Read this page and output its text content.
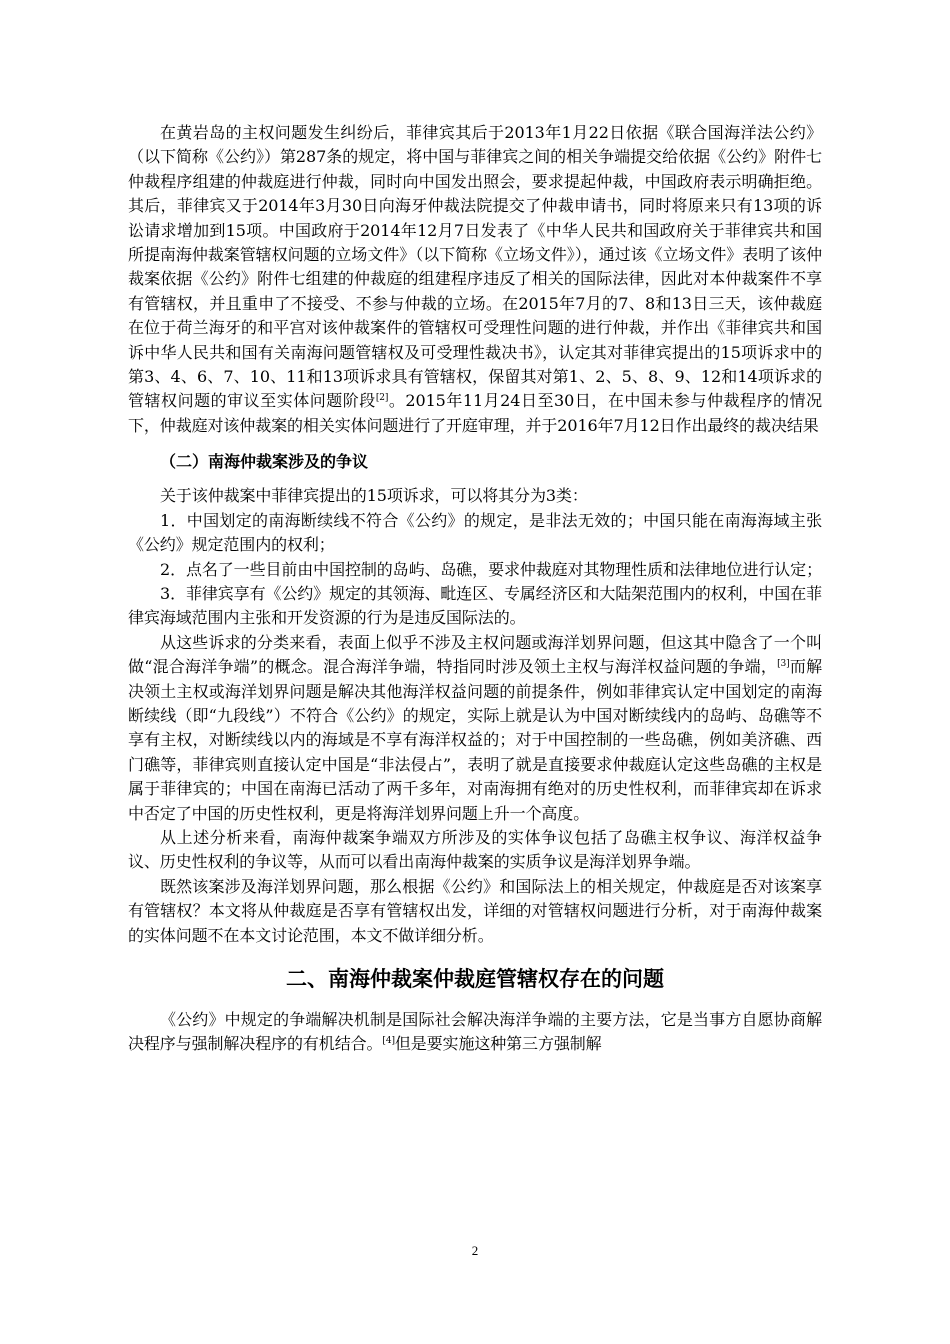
在黄岩岛的主权问题发生纠纷后，菲律宾其后于2013年1月22日依据《联合国海洋法公约》（以下简称《公约》）第287条的规定，将中国与菲律宾之间的相关争端提交给依据《公约》附件七仲裁程序组建的仲裁庭进行仲裁，同时向中国发出照会，要求提起仲裁，中国政府表示明确拒绝。其后，菲律宾又于2014年3月30日向海牙仲裁法院提交了仲裁申请书，同时将原来只有13项的诉讼请求增加到15项。中国政府于2014年12月7日发表了《中华人民共和国政府关于菲律宾共和国所提南海仲裁案管辖权问题的立场文件》（以下简称《立场文件》），通过该《立场文件》表明了该仲裁案依据《公约》附件七组建的仲裁庭的组建程序违反了相关的国际法律，因此对本仲裁案件不享有管辖权，并且重申了不接受、不参与仲裁的立场。在2015年7月的7、8和13日三天，该仲裁庭在位于荷兰海牙的和平宫对该仲裁案件的管辖权可受理性问题的进行仲裁，并作出《菲律宾共和国诉中华人民共和国有关南海问题管辖权及可受理性裁决书》，认定其对菲律宾提出的15项诉求中的第3、4、6、7、10、11和13项诉求具有管辖权，保留其对第1、2、5、8、9、12和14项诉求的管辖权问题的审议至实体问题阶段[2]。2015年11月24日至30日，在中国未参与仲裁程序的情况下，仲裁庭对该仲裁案的相关实体问题进行了开庭审理，并于2016年7月12日作出最终的裁决结果

（二）南海仲裁案涉及的争议

关于该仲裁案中菲律宾提出的15项诉求，可以将其分为3类：

1．中国划定的南海断续线不符合《公约》的规定，是非法无效的；中国只能在南海海域主张《公约》规定范围内的权利；

2．点名了一些目前由中国控制的岛屿、岛礁，要求仲裁庭对其物理性质和法律地位进行认定；

3．菲律宾享有《公约》规定的其领海、毗连区、专属经济区和大陆架范围内的权利，中国在菲律宾海域范围内主张和开发资源的行为是违反国际法的。

从这些诉求的分类来看，表面上似乎不涉及主权问题或海洋划界问题，但这其中隐含了一个叫做“混合海洋争端”的概念。混合海洋争端，特指同时涉及领土主权与海洋权益问题的争端，[3]而解决领土主权或海洋划界问题是解决其他海洋权益问题的前提条件，例如菲律宾认定中国划定的南海断续线（即“九段线”）不符合《公约》的规定，实际上就是认为中国对断续线内的岛屿、岛礁等不享有主权，对断续线以内的海域是不享有海洋权益的；对于中国控制的一些岛礁，例如美济礁、西门礁等，菲律宾则直接认定中国是“非法侵占”，表明了就是直接要求仲裁庭认定这些岛礁的主权是属于菲律宾的；中国在南海已活动了两千多年，对南海拥有绝对的历史性权利，而菲律宾却在诉求中否定了中国的历史性权利，更是将海洋划界问题上升一个高度。

从上述分析来看，南海仲裁案争端双方所涉及的实体争议包括了岛礁主权争议、海洋权益争议、历史性权利的争议等，从而可以看出南海仲裁案的实质争议是海洋划界争端。

既然该案涉及海洋划界问题，那么根据《公约》和国际法上的相关规定，仲裁庭是否对该案享有管辖权？本文将从仲裁庭是否享有管辖权出发，详细的对管辖权问题进行分析，对于南海仲裁案的实体问题不在本文讨论范围，本文不做详细分析。

二、南海仲裁案仲裁庭管辖权存在的问题

《公约》中规定的争端解决机制是国际社会解决海洋争端的主要方法，它是当事方自愿协商解决程序与强制解决程序的有机结合。[4]但是要实施这种第三方强制解

2
